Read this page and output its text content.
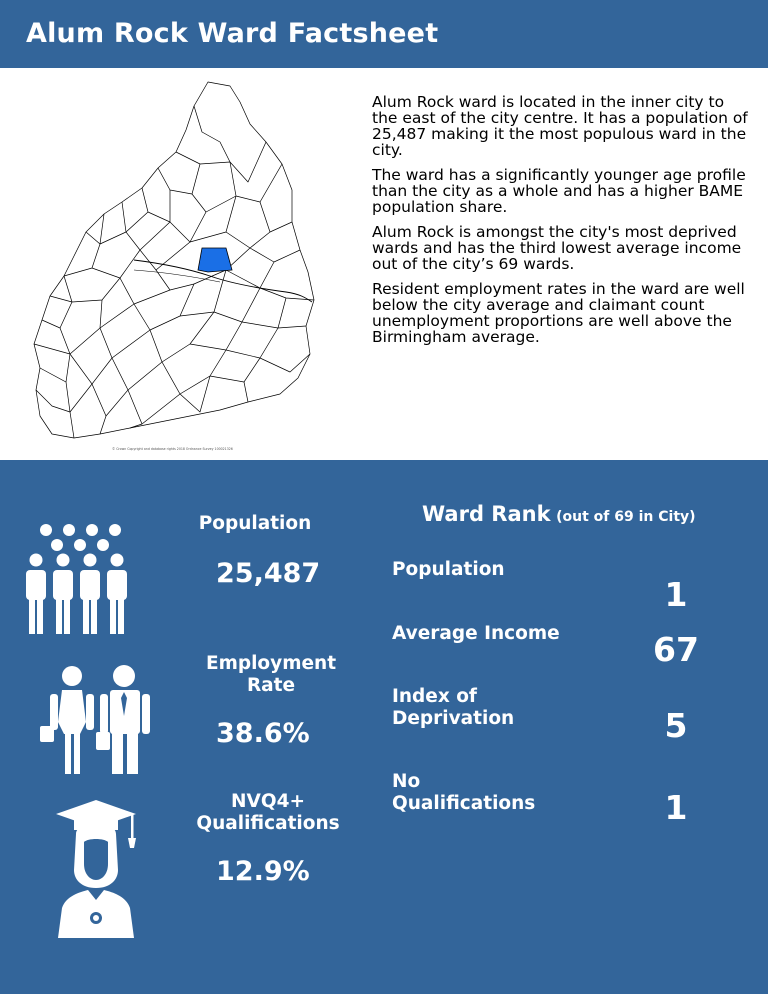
Alum Rock Ward Factsheet
© Crown Copyright and database rights 2018 Ordnance Survey 100021326

Alum Rock ward is located in the inner city to the east of the city centre. It has a population of 25,487 making it the most populous ward in the city.

The ward has a significantly younger age profile than the city as a whole and has a higher BAME population share.

Alum Rock is amongst the city's most deprived wards and has the third lowest average income out of the city’s 69 wards.

Resident employment rates in the ward are well below the city average and claimant count unemployment proportions are well above the Birmingham average.

Population
25,487
Employment
Rate
38.6%
NVQ4+
Qualifications
12.9%
Ward Rank (out of 69 in City)
Population
1
Average Income	67
Index of
Deprivation	5
No
Qualifications	1
